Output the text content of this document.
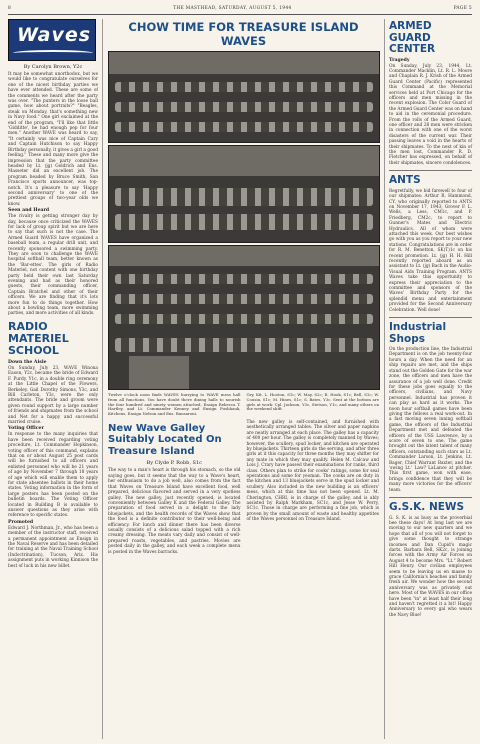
8	THE MASTHEAD, SATURDAY, AUGUST 5, 1944	PAGE 5
Waves
By Carolyn Brown, Y2c

It may be somewhat unorthodox, but we would like to congratulate ourselves for one of the nicest birthday parties we have ever attended. These are some of the comments we heard after the party was over. "The punters in the loose ball game, how about portraits?" "Beagles, steak on Monday, that's something new in Navy food." One girl exclaimed at the end of the program, "I'll like that little 'Gidditte', he had enough pep for four men." Another WAVE was heard to say, "It certainly was nice of Captain Cary and Captain Hutchison to say Happy Birthday personally, it gives a girl a good feeling." These and many more give the impression that the party committee headed by Lt. (jg) Goldrich and Ens. Masseter did an excellent job. The program headed by Bruce Smith, San Francisco sports announcer, was top-notch. It's a pleasure to say 'Happy second anniversary' to one of the prettiest groups of two-year olds we know.

Seen and Heard

The rivalry is getting stronger day by day, because once criticized the WAVES for lack of group spirit but we are here to say that such is not the case. The Armed Guard WAVES have organized a baseball team, a regular drill unit, and recently sponsored a swimming party. They are soon to challenge the WAVE hospital softball team, better known as the 'Bar-ettes'. The girls of Radio Materiel, not content with one birthday party held their own last Saturday evening and had as their honored guests, their commanding officer, Captain Bratchel and other of their officers. We are finding that it's lots more fun to do things together. How about a bowling team, more swimming parties, and more activities of all kinds.

RADIO MATERIEL SCHOOL
Down the Aisle

On Sunday, July 23, WAVE Winona Eason, Y2c, became the bride of Edward F. Purdy, Y1c, in a double ring ceremony at the Little Chapel of the Flowers, Berkeley. Gail Dorothy Simons, Y3c, and Bill Carleton, Y3c, were the only attendants. The bride and groom were given round support by a large number of friends and shipmates from the school and Net for a happy and successful married cruise.

Voting Officer

In response to the many inquiries that have been received regarding voting procedure, Lt. Commander Hopkinson, voting officer of this command, explains that on or about August 25 post cards will be furnished to all officers and enlisted personnel who will be 21 years of age by November 7 through 18 years of age which will enable them to apply for state absentee ballots in their home states. Voting information in the form of large posters has been posted on the bulletin boards. The Voting Officer located in Building B is available to answer questions as they arise with reference to specific states.

Promoted

Edward J. Northman, Jr., who has been a member of the instructor staff, received a permanent appointment as Ensign in the Naval Reserve and has been detailed for training at the Naval Training School (Indoctrination), Tucson, Ariz. His assignment puts in working Kinnison the best of luck in his new billet.

CHOW TIME FOR TREASURE ISLAND WAVES

Twelve o'clock noon finds WAVES hurrying to WAVE mess hall from all functions. You have doubt there dining halls to nourish the four hundred and ninety women attached, Ensign Rebecca T. Hartley, and Lt. Commander Kenney and Ensign Pushhauk, Kitchens, Ensign Nelson and Ens. Bausaroni.

Gry, Kit, L. Hooton, S1c; W. May, S2c; R. Hook, S1c; Bell, S1c; W. Cousin, S1c; M. Hines, S1c; S. Bates, Y3c. Sent at the bottom are girls at work: Cpl. Jackson, Y3c, Stetson, Y1c, and many others on the weekend shift.

New Wave Galley Suitably Located On Treasure Island
By Clyde P. Robb, S1c

The way to a man's heart is through his stomach, so the old saying goes, but it seems that the way to a Wave's heart, her enthusiasm to do a job well, also comes from the fact that Waves on Treasure Island have excellent food, well prepared, delicious flavored and served in a very spotless galley. The new galley, just recently opened, is located conveniently between Galley K and the Federal Galley. The preparation of food served in a delight to the lady bluejackets, and the health records of the Waves show that the food is a definite contributor to their well-being and efficiency. For lunch and dinner there has been diverse usually consists of a delicious salad topped with a rich creamy dressing. The meats vary daily and consist of well-prepared roasts, vegetables, and pastries. Movies are posted daily in the galley, and each week a complete menu is posted in the Waves barracks.

The new galley is self-contained, and furnished with aesthetically arranged tables. The silver and paper napkins are neatly arranged at each place. The galley has a capacity of 400 per hour. The galley is completely manned by Waves; however, the scullery, spud locker, and kitchen are operated by bluejackets. Thirteen girls do the serving, and after three girls at it this capacity for three months they may shifter for any mate in which they may qualify. Helen M. Calcaw and Lois J. Crary have passed their examinations for ranks, third class. Others plan to strike for cooks' ratings, some for seal operations and some for yeoman. The cooks are on duty in the kitchen and 13 bluejackets serve in the spud locker and scullery. Also included in the new building is an officers' mess, which at this time has not been opened. Lt. M. Cherington, CHRI, is in charge of the galley, and is ably assisted by Ralph Markham, SC1c, and Jesse W. Perry, SC1c. Those in charge are performing a fine job, which is proven by the small amount of waste and healthy appetites of the Waves personnel on Treasure Island.

ARMED GUARD CENTER
Tragedy

On Sunday, July 23, 1944, Lt. Commander Macklin, Lt. R. L. Moore and Chaplain R. J. Krish of the Armed Guard Center (Pacific) represented this Command at the Memorial services held at Port Chicago for the officers and men missing in the recent explosion. The Color Guard of the Armed Guard Center was on hand to aid in the ceremonial procedure. From the rolls of the Armed Guard, one officer and 28 men were stricken in connection with one of the worst disasters of the current war. Their passing leaves a void in the hearts of their shipmates. To the next of kin of the men lost, Commander R. D. Fletcher has expressed, on behalf of their shipmates, sincere condolences.

ANTS

Regretfully, we bid farewell to four of our shipmates: Arthur R. Hammond, CY, who originally reported to ANTS on November 17, 1943; Grover F. L. Wells, a Less, CM1c, and P. Friedberg, CM2c, to report to Gunner's Mates and Electric Hydraulics. All of whom were attached this week. Our best wishes go with you as you report to your new stations. Congratulations are in order for R. M. Benetton, SK(T)1c on his recent promotion. Lt. (jg) H. H. Hill recently reported aboard as an assistant to Lt. (jg) Bach in the Audio-Visual Aids Training Program. ANTS Waves take this opportunity to express their appreciation to the committee and sponsors of the Waves' Birthday Party for the splendid menu and entertainment provided for the Second Anniversary Celebration. Well done!

Industrial Shops

On the production line, the Industrial Department is on the job twenty-four hours a day. When the need for an ship repairs are met, and the ships stand out the Golden Gate for the war zone, the officers and men have the assurance of a job well done. Credit for these jobs goes equally to the officers, civilians, and Navy personnel. Industrial has proven it can play as hard as it works. The noon hour softball games have been giving the fellows a real work-out. In a fast moving seven inning softball game, the officers of the Industrial Department met and defeated the officers of the USS Lawrence, by a score of seven to one. The game brought out the latent talent of many officers, outstanding such stars as Lt. Commander Larson, Lt. Jenkins, Lt. Bager, Chief Warrant Baxter, and the 'swing Lt.' Law? LaLance at pitcher. This first game, won with ease, brings confidence that they will be many more victories for the officers' team.

G.S.K. NEWS

G. S. K. is as busy as the proverbial bee these days! At long last we are moving to our new quarters and we hope that all of you will not forget to give some thought to strange incomes and Dan Cupid's magic darts. Barbara Bell, SK2c, is joining forces with the Army Air Forces on August 4 to become Mrs. "Lt." Robert Hill Henry. Our civilian employees seem to be leaving us en masse to grace California's beaches and family fresh air. We wonder how the second anniversary was as privately out here. Most of the WAVES in our office have been "in" at least half their long and haven't regretted it a bit! Happy Anniversary to every gal who wears the Navy Blue!
